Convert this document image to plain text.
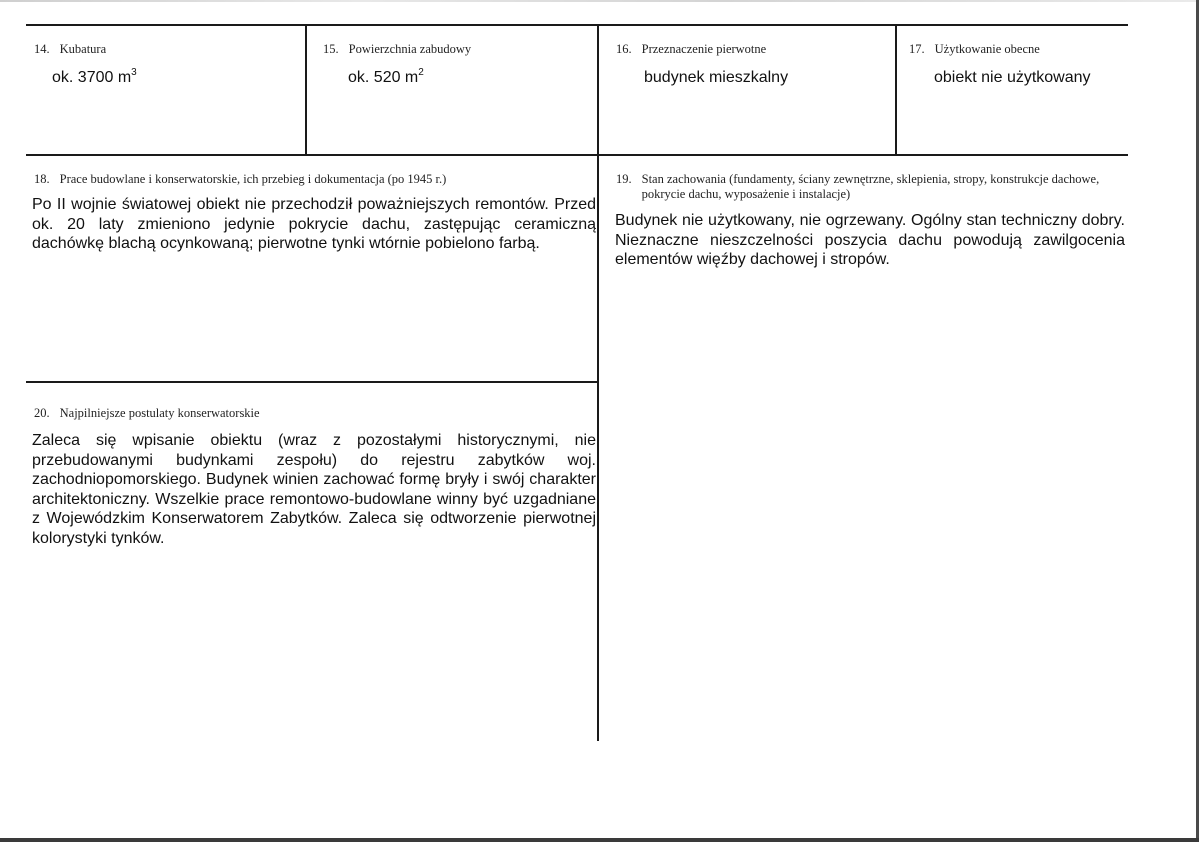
14. Kubatura
ok. 3700 $m^3$
15. Powierzchnia zabudowy
ok. 520 $m^2$
16. Przeznaczenie pierwotne
budynek mieszkalny
17. Użytkowanie obecne
obiekt nie użytkowany
18. Prace budowlane i konserwatorskie, ich przebieg i dokumentacja (po 1945 r.)
Po II wojnie światowej obiekt nie przechodził poważniejszych remontów. Przed ok. 20 laty zmieniono jedynie pokrycie dachu, zastępując ceramiczną dachówkę blachą ocynkowaną; pierwotne tynki wtórnie pobielono farbą.
19. Stan zachowania (fundamenty, ściany zewnętrzne, sklepienia, stropy, konstrukcje dachowe, pokrycie dachu, wyposażenie i instalacje)
Budynek nie użytkowany, nie ogrzewany. Ogólny stan techniczny dobry. Nieznaczne nieszczelności poszycia dachu powodują zawilgocenia elementów więźby dachowej i stropów.
20. Najpilniejsze postulaty konserwatorskie
Zaleca się wpisanie obiektu (wraz z pozostałymi historycznymi, nie przebudowanymi budynkami zespołu) do rejestru zabytków woj. zachodniopomorskiego. Budynek winien zachować formę bryły i swój charakter architektoniczny. Wszelkie prace remontowo-budowlane winny być uzgadniane z Wojewódzkim Konserwatorem Zabytków. Zaleca się odtworzenie pierwotnej kolorystyki tynków.
